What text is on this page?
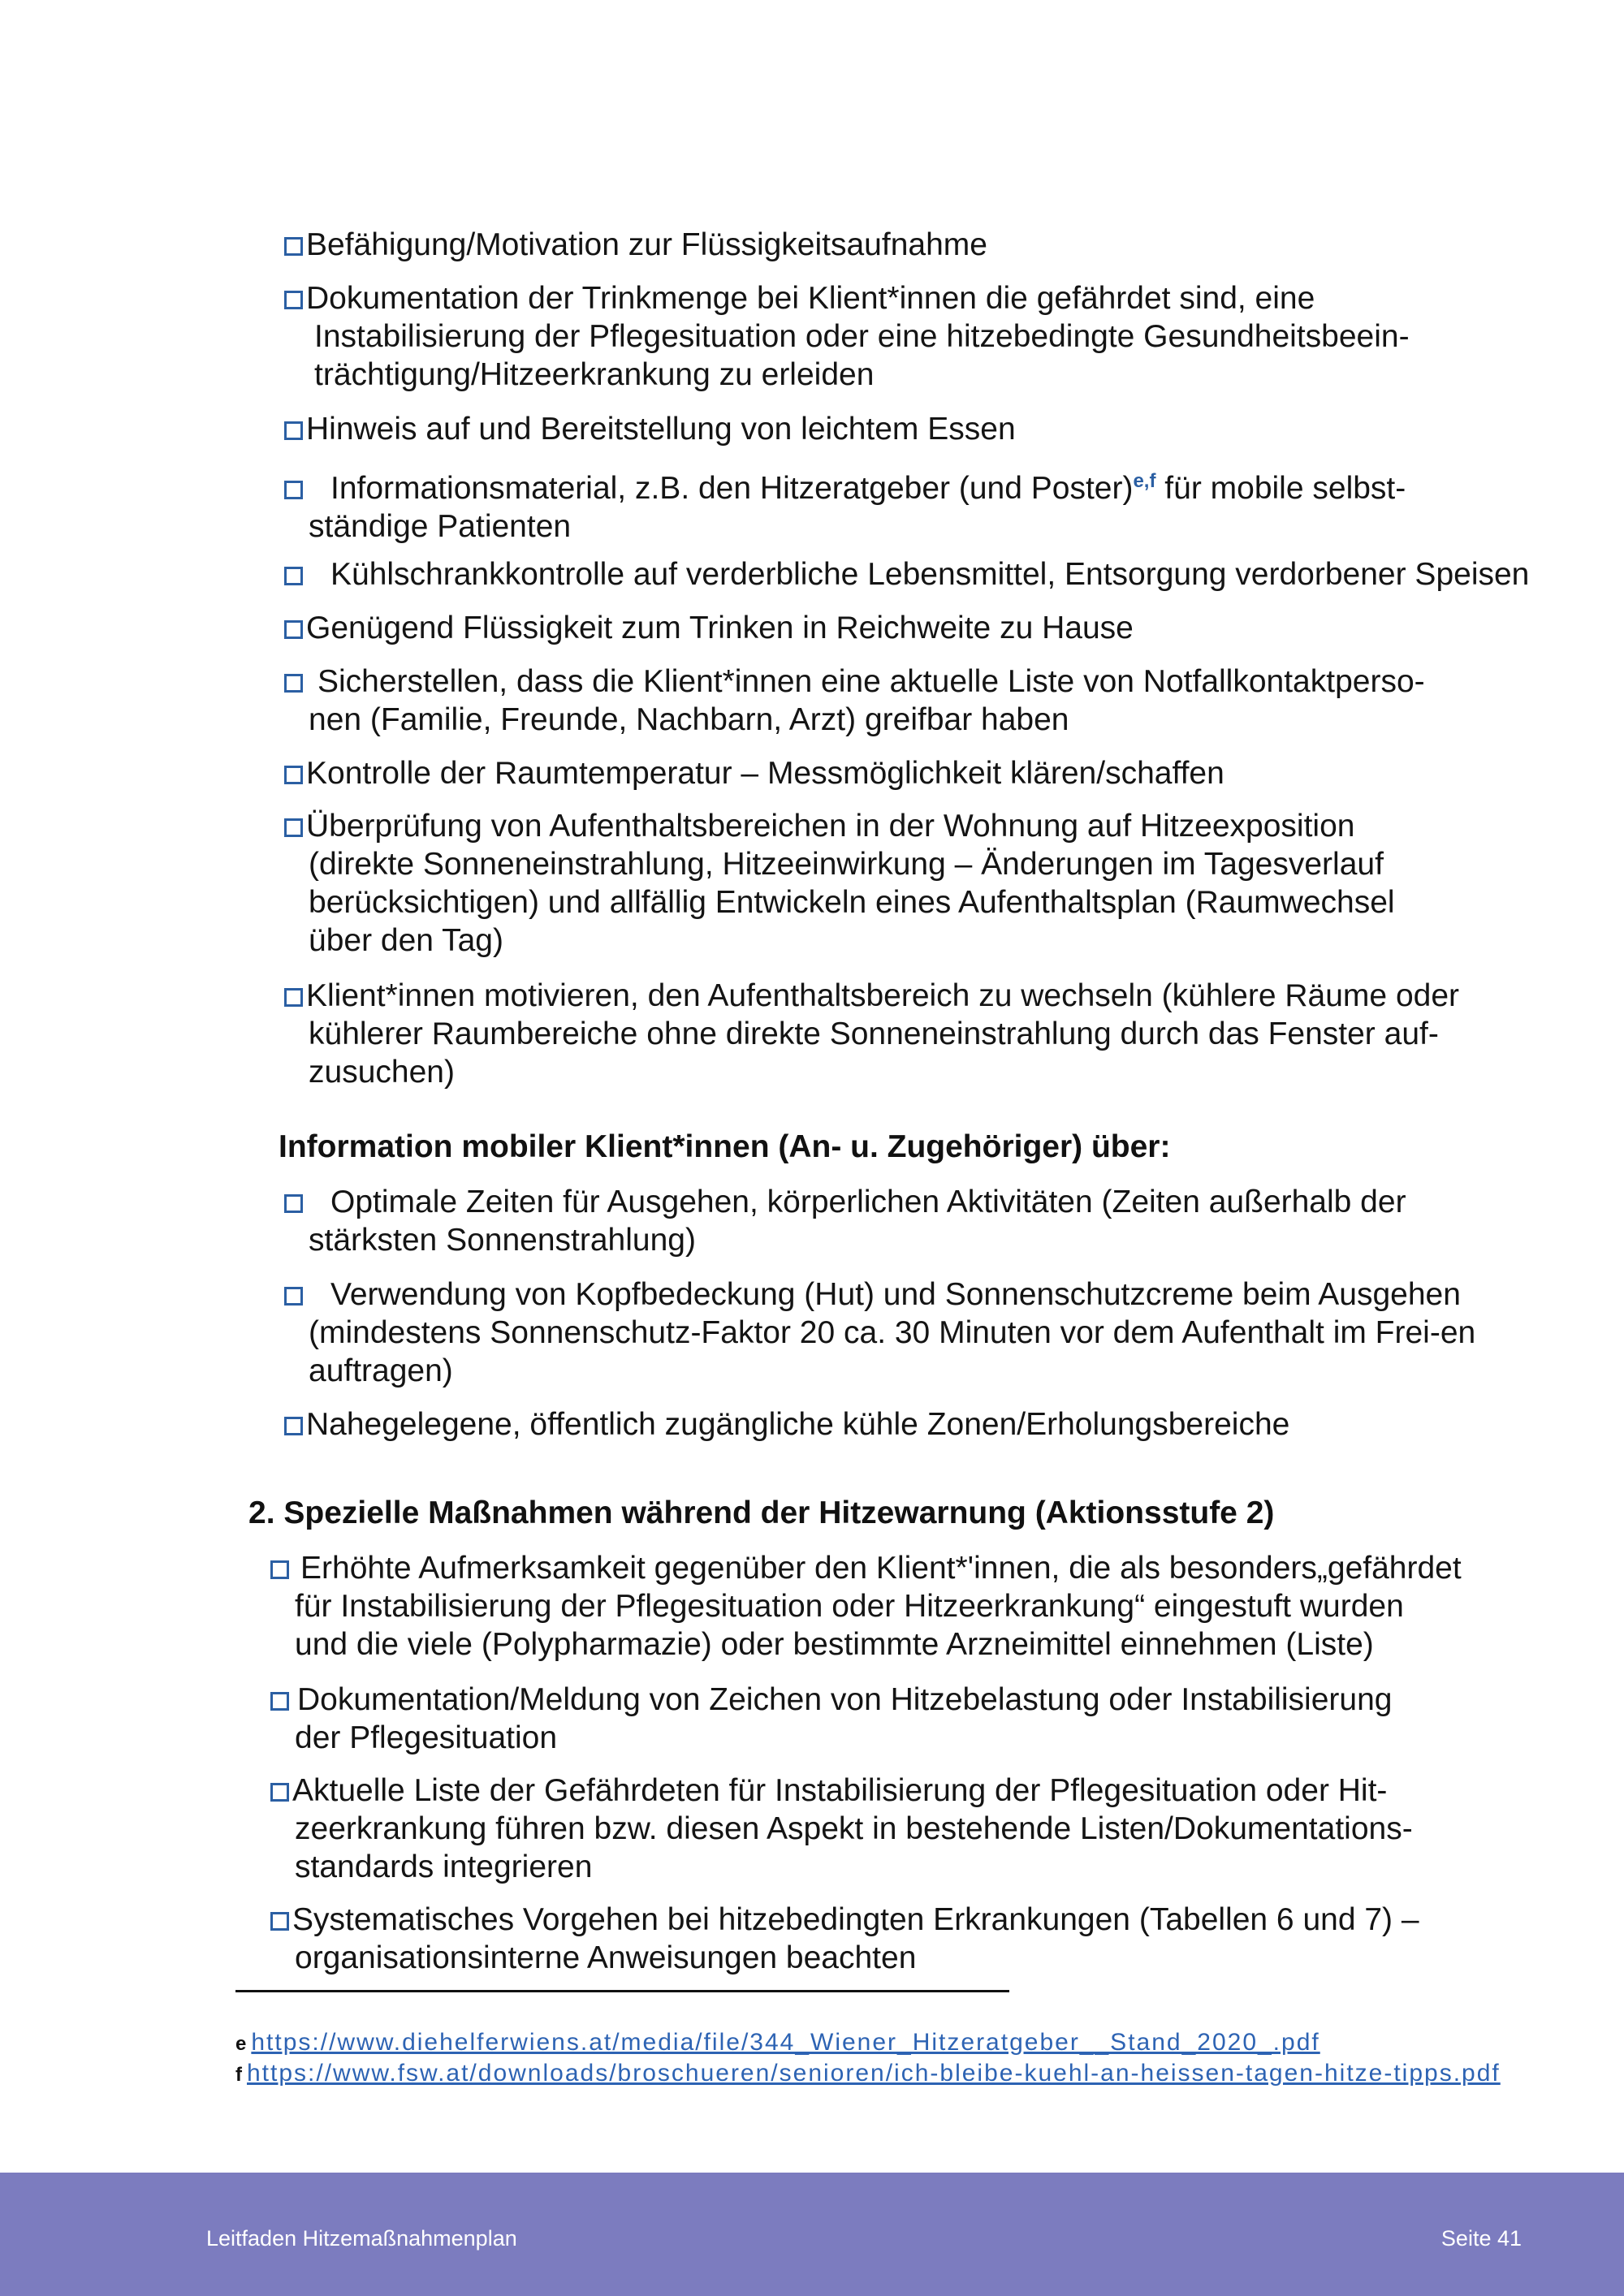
Befähigung/Motivation zur Flüssigkeitsaufnahme
Dokumentation der Trinkmenge bei Klient*innen die gefährdet sind, eine
Instabilisierung der Pflegesituation oder eine hitzebedingte Gesundheitsbeein-
trächtigung/Hitzeerkrankung zu erleiden
Hinweis auf und Bereitstellung von leichtem Essen
Informationsmaterial, z.B. den Hitzeratgeber (und Poster)$^{e,f}$ für mobile selbst-
ständige Patienten
Kühlschrankkontrolle auf verderbliche Lebensmittel, Entsorgung verdorbener Speisen
Genügend Flüssigkeit zum Trinken in Reichweite zu Hause
Sicherstellen, dass die Klient*innen eine aktuelle Liste von Notfallkontaktperso-
nen (Familie, Freunde, Nachbarn, Arzt) greifbar haben
Kontrolle der Raumtemperatur – Messmöglichkeit klären/schaffen
Überprüfung von Aufenthaltsbereichen in der Wohnung auf Hitzeexposition
(direkte Sonneneinstrahlung, Hitzeeinwirkung – Änderungen im Tagesverlauf
berücksichtigen) und allfällig Entwickeln eines Aufenthaltsplan (Raumwechsel
über den Tag)
Klient*innen motivieren, den Aufenthaltsbereich zu wechseln (kühlere Räume oder
kühlerer Raumbereiche ohne direkte Sonneneinstrahlung durch das Fenster auf-
zusuchen)
Information mobiler Klient*innen (An- u. Zugehöriger) über:
Optimale Zeiten für Ausgehen, körperlichen Aktivitäten (Zeiten außerhalb der
stärksten Sonnenstrahlung)
Verwendung von Kopfbedeckung (Hut) und Sonnenschutzcreme beim Ausgehen
(mindestens Sonnenschutz-Faktor 20 ca. 30 Minuten vor dem Aufenthalt im Frei-en
auftragen)
Nahegelegene, öffentlich zugängliche kühle Zonen/Erholungsbereiche
2. Spezielle Maßnahmen während der Hitzewarnung (Aktionsstufe 2)
Erhöhte Aufmerksamkeit gegenüber den Klient*'innen, die als besonders„gefährdet
für Instabilisierung der Pflegesituation oder Hitzeerkrankung“ eingestuft wurden
und die viele (Polypharmazie) oder bestimmte Arzneimittel einnehmen (Liste)
Dokumentation/Meldung von Zeichen von Hitzebelastung oder Instabilisierung
der Pflegesituation
Aktuelle Liste der Gefährdeten für Instabilisierung der Pflegesituation oder Hit-
zeerkrankung führen bzw. diesen Aspekt in bestehende Listen/Dokumentations-
standards integrieren
Systematisches Vorgehen bei hitzebedingten Erkrankungen (Tabellen 6 und 7) –
organisationsinterne Anweisungen beachten
e https://www.diehelferwiens.at/media/file/344_Wiener_Hitzeratgeber__Stand_2020_.pdf
f https://www.fsw.at/downloads/broschueren/senioren/ich-bleibe-kuehl-an-heissen-tagen-hitze-tipps.pdf
Leitfaden Hitzemaßnahmenplan	Seite 41
